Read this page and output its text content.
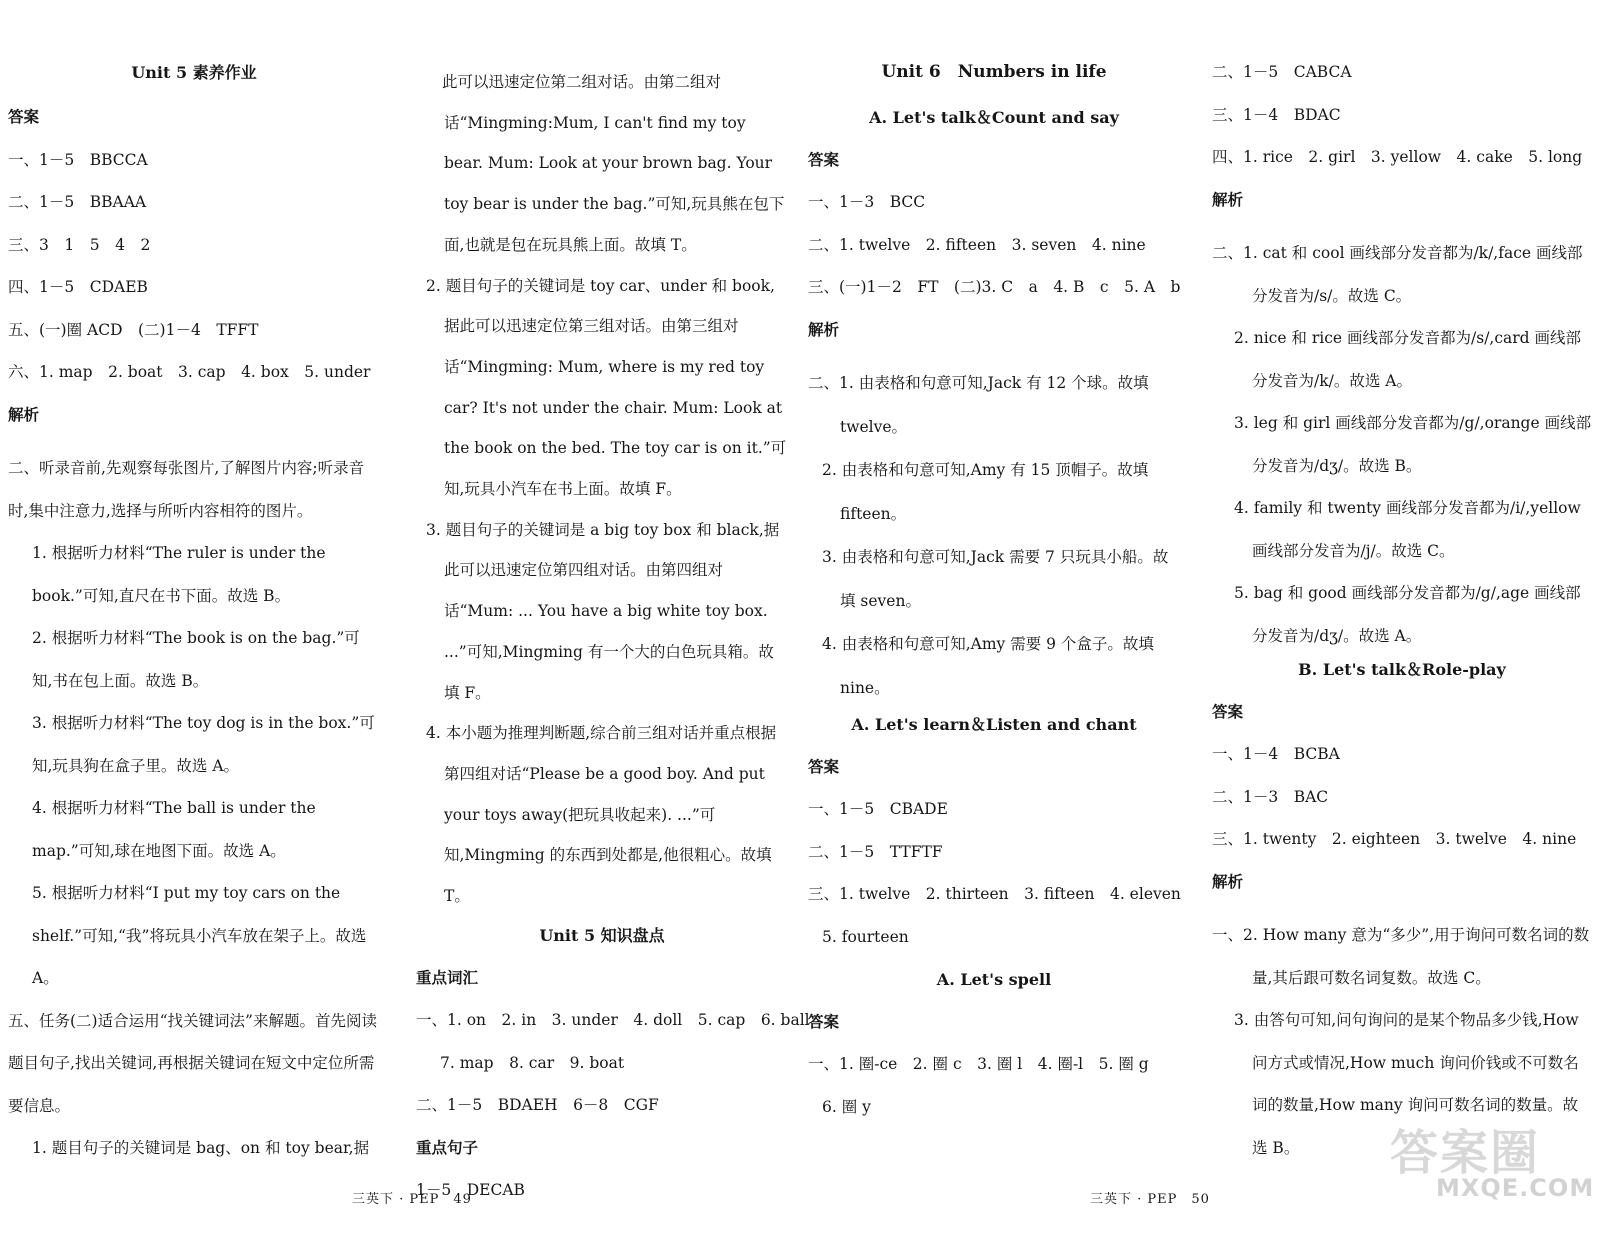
Unit 5 素养作业
答案
一、1－5　BBCCA
二、1－5　BBAAA
三、3　1　5　4　2
四、1－5　CDAEB
五、(一)圈 ACD　(二)1－4　TFFT
六、1. map　2. boat　3. cap　4. box　5. under
解析
二、听录音前,先观察每张图片,了解图片内容;听录音时,集中注意力,选择与所听内容相符的图片。
1. 根据听力材料“The ruler is under the book.”可知,直尺在书下面。故选 B。
2. 根据听力材料“The book is on the bag.”可知,书在包上面。故选 B。
3. 根据听力材料“The toy dog is in the box.”可知,玩具狗在盒子里。故选 A。
4. 根据听力材料“The ball is under the map.”可知,球在地图下面。故选 A。
5. 根据听力材料“I put my toy cars on the shelf.”可知,“我”将玩具小汽车放在架子上。故选 A。
五、任务(二)适合运用“找关键词法”来解题。首先阅读题目句子,找出关键词,再根据关键词在短文中定位所需要信息。
1. 题目句子的关键词是 bag、on 和 toy bear,据
此可以迅速定位第二组对话。由第二组对话“Mingming:Mum, I can't find my toy bear. Mum: Look at your brown bag. Your toy bear is under the bag.”可知,玩具熊在包下面,也就是包在玩具熊上面。故填 T。
2. 题目句子的关键词是 toy car、under 和 book,据此可以迅速定位第三组对话。由第三组对话“Mingming: Mum, where is my red toy car? It's not under the chair. Mum: Look at the book on the bed. The toy car is on it.”可知,玩具小汽车在书上面。故填 F。
3. 题目句子的关键词是 a big toy box 和 black,据此可以迅速定位第四组对话。由第四组对话“Mum: ... You have a big white toy box. ...”可知,Mingming 有一个大的白色玩具箱。故填 F。
4. 本小题为推理判断题,综合前三组对话并重点根据第四组对话“Please be a good boy. And put your toys away(把玩具收起来). ...”可知,Mingming 的东西到处都是,他很粗心。故填 T。
Unit 5 知识盘点
重点词汇
一、1. on　2. in　3. under　4. doll　5. cap　6. ball
7. map　8. car　9. boat
二、1－5　BDAEH　6－8　CGF
重点句子
1－5　DECAB
Unit 6　Numbers in life
A. Let's talk＆Count and say
答案
一、1－3　BCC
二、1. twelve　2. fifteen　3. seven　4. nine
三、(一)1－2　FT　(二)3. C　a　4. B　c　5. A　b
解析
二、1. 由表格和句意可知,Jack 有 12 个球。故填 twelve。
2. 由表格和句意可知,Amy 有 15 顶帽子。故填 fifteen。
3. 由表格和句意可知,Jack 需要 7 只玩具小船。故填 seven。
4. 由表格和句意可知,Amy 需要 9 个盒子。故填 nine。
A. Let's learn＆Listen and chant
答案
一、1－5　CBADE
二、1－5　TTFTF
三、1. twelve　2. thirteen　3. fifteen　4. eleven
5. fourteen
A. Let's spell
答案
一、1. 圈-ce　2. 圈 c　3. 圈 l　4. 圈-l　5. 圈 g
6. 圈 y
二、1－5　CABCA
三、1－4　BDAC
四、1. rice　2. girl　3. yellow　4. cake　5. long
解析
二、1. cat 和 cool 画线部分发音都为/k/,face 画线部分发音为/s/。故选 C。
2. nice 和 rice 画线部分发音都为/s/,card 画线部分发音为/k/。故选 A。
3. leg 和 girl 画线部分发音都为/g/,orange 画线部分发音为/dʒ/。故选 B。
4. family 和 twenty 画线部分发音都为/i/,yellow 画线部分发音为/j/。故选 C。
5. bag 和 good 画线部分发音都为/g/,age 画线部分发音为/dʒ/。故选 A。
B. Let's talk＆Role-play
答案
一、1－4　BCBA
二、1－3　BAC
三、1. twenty　2. eighteen　3. twelve　4. nine
解析
一、2. How many 意为“多少”,用于询问可数名词的数量,其后跟可数名词复数。故选 C。
3. 由答句可知,问句询问的是某个物品多少钱,How 问方式或情况,How much 询问价钱或不可数名词的数量,How many 询问可数名词的数量。故选 B。
三英下 · PEP　49	三英下 · PEP　50
答案圈
MXQE.COM
